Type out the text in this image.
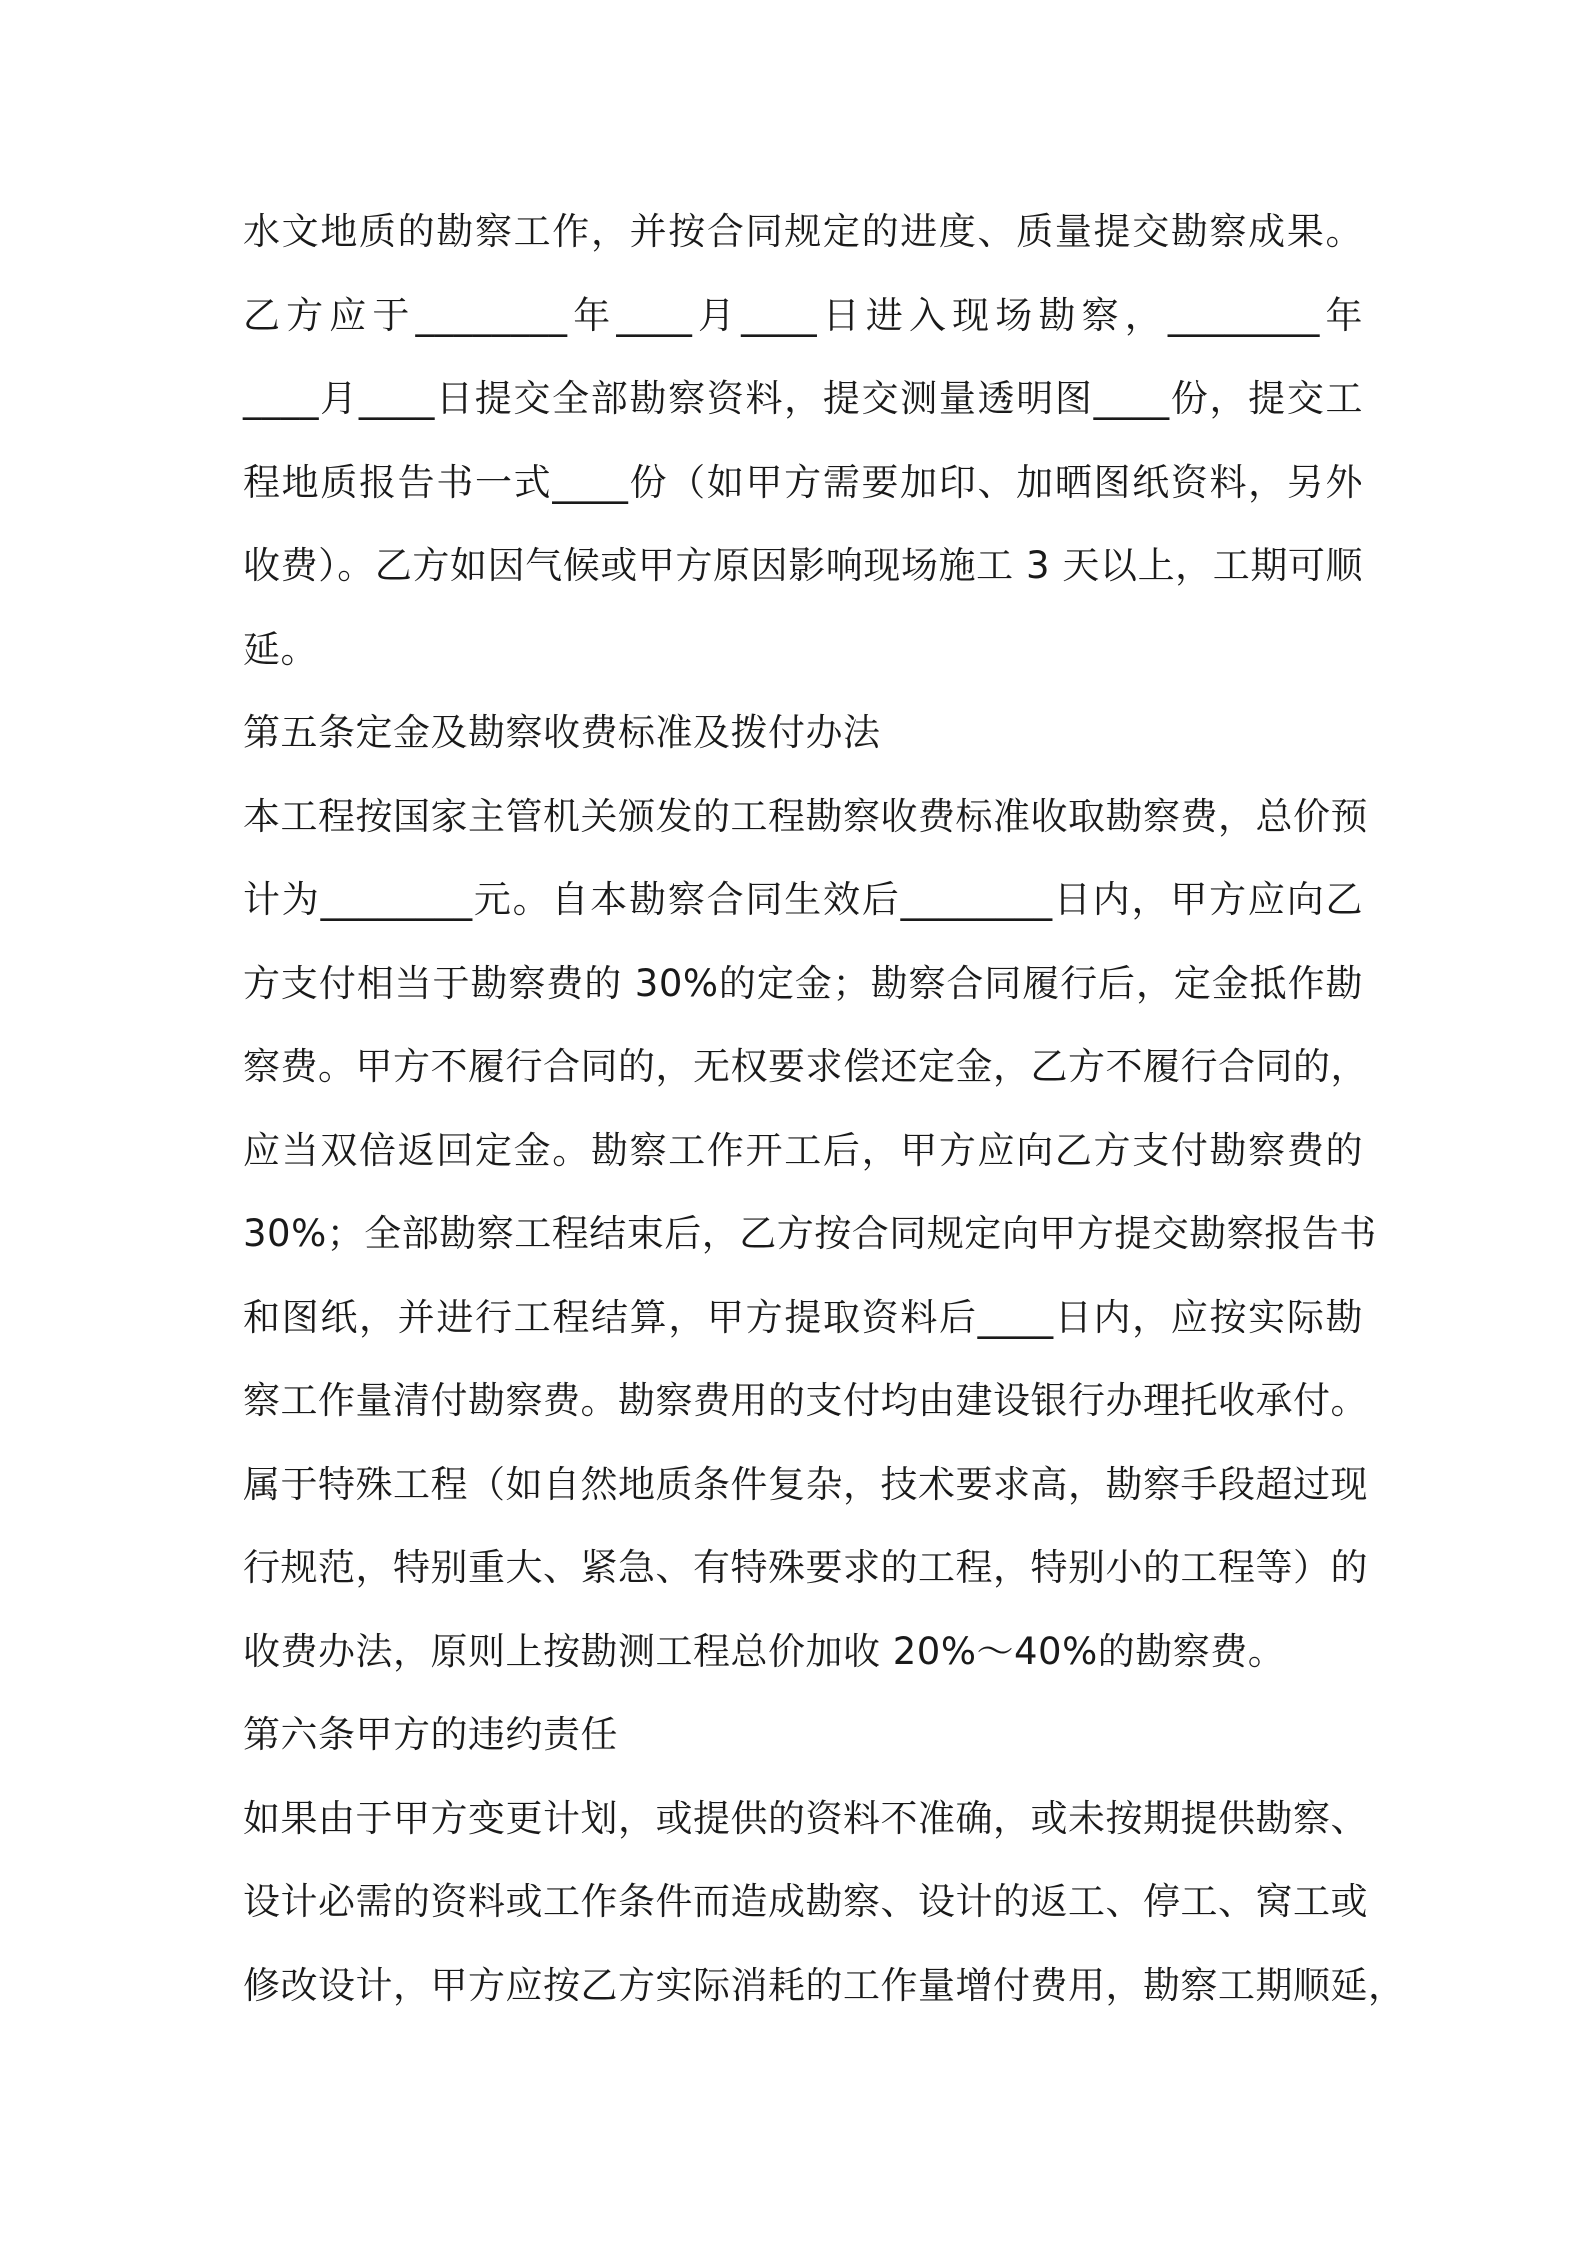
水文地质的勘察工作，并按合同规定的进度、质量提交勘察成果。
乙方应于________年____月____日进入现场勘察，________年
____月____日提交全部勘察资料，提交测量透明图____份，提交工
程地质报告书一式____份（如甲方需要加印、加晒图纸资料，另外
收费）。乙方如因气候或甲方原因影响现场施工 3 天以上，工期可顺
延。
第五条定金及勘察收费标准及拨付办法
本工程按国家主管机关颁发的工程勘察收费标准收取勘察费，总价预
计为________元。自本勘察合同生效后________日内，甲方应向乙
方支付相当于勘察费的 30%的定金；勘察合同履行后，定金抵作勘
察费。甲方不履行合同的，无权要求偿还定金，乙方不履行合同的，
应当双倍返回定金。勘察工作开工后，甲方应向乙方支付勘察费的
30%；全部勘察工程结束后，乙方按合同规定向甲方提交勘察报告书
和图纸，并进行工程结算，甲方提取资料后____日内，应按实际勘
察工作量清付勘察费。勘察费用的支付均由建设银行办理托收承付。
属于特殊工程（如自然地质条件复杂，技术要求高，勘察手段超过现
行规范，特别重大、紧急、有特殊要求的工程，特别小的工程等）的
收费办法，原则上按勘测工程总价加收 20%～40%的勘察费。
第六条甲方的违约责任
如果由于甲方变更计划，或提供的资料不准确，或未按期提供勘察、
设计必需的资料或工作条件而造成勘察、设计的返工、停工、窝工或
修改设计，甲方应按乙方实际消耗的工作量增付费用，勘察工期顺延，
